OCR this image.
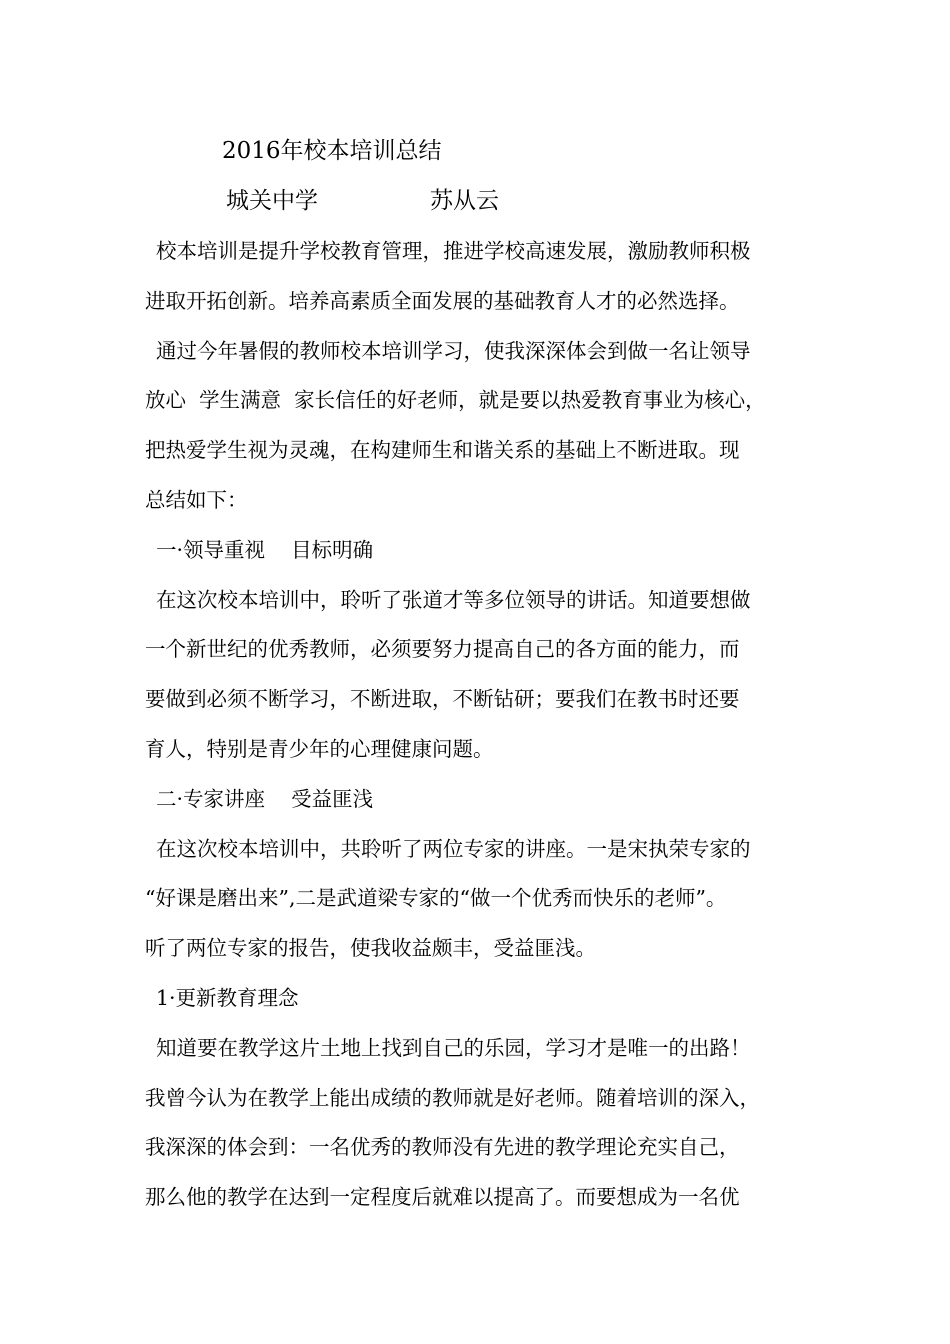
2016年校本培训总结
城关中学	苏从云

校本培训是提升学校教育管理，推进学校高速发展，激励教师积极

进取开拓创新。培养高素质全面发展的基础教育人才的必然选择。

通过今年暑假的教师校本培训学习，使我深深体会到做一名让领导

放心  学生满意  家长信任的好老师，就是要以热爱教育事业为核心，

把热爱学生视为灵魂，在构建师生和谐关系的基础上不断进取。现

总结如下：

一·领导重视    目标明确

在这次校本培训中，聆听了张道才等多位领导的讲话。知道要想做

一个新世纪的优秀教师，必须要努力提高自己的各方面的能力，而

要做到必须不断学习，不断进取，不断钻研；要我们在教书时还要

育人，特别是青少年的心理健康问题。

二·专家讲座    受益匪浅

在这次校本培训中，共聆听了两位专家的讲座。一是宋执荣专家的

“好课是磨出来”,二是武道梁专家的“做一个优秀而快乐的老师”。

听了两位专家的报告，使我收益颇丰，受益匪浅。

1·更新教育理念

知道要在教学这片土地上找到自己的乐园，学习才是唯一的出路！

我曾今认为在教学上能出成绩的教师就是好老师。随着培训的深入，

我深深的体会到：一名优秀的教师没有先进的教学理论充实自己，

那么他的教学在达到一定程度后就难以提高了。而要想成为一名优
